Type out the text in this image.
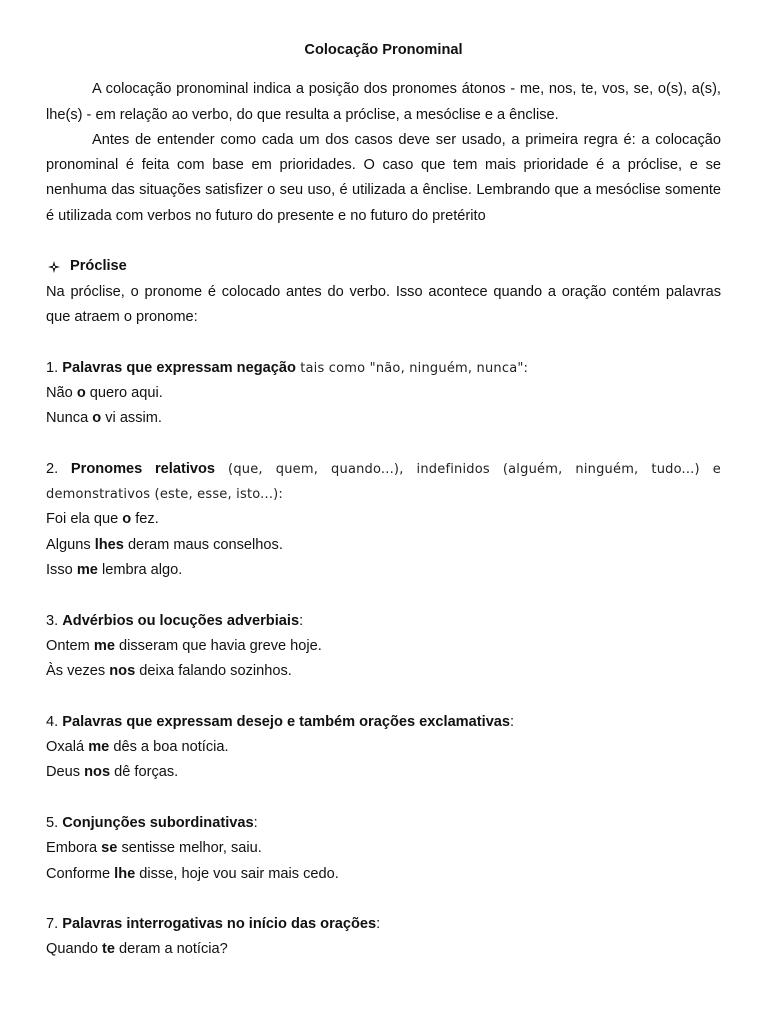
Colocação Pronominal

A colocação pronominal indica a posição dos pronomes átonos - me, nos, te, vos, se, o(s), a(s), lhe(s) - em relação ao verbo, do que resulta a próclise, a mesóclise e a ênclise.

Antes de entender como cada um dos casos deve ser usado, a primeira regra é: a colocação pronominal é feita com base em prioridades. O caso que tem mais prioridade é a próclise, e se nenhuma das situações satisfizer o seu uso, é utilizada a ênclise. Lembrando que a mesóclise somente é utilizada com verbos no futuro do presente e no futuro do pretérito

Próclise

Na próclise, o pronome é colocado antes do verbo. Isso acontece quando a oração contém palavras que atraem o pronome:

1. Palavras que expressam negação tais como "não, ninguém, nunca":

Não o quero aqui.

Nunca o vi assim.

2. Pronomes relativos (que, quem, quando...), indefinidos (alguém, ninguém, tudo...) e demonstrativos (este, esse, isto...):

Foi ela que o fez.

Alguns lhes deram maus conselhos.

Isso me lembra algo.

3. Advérbios ou locuções adverbiais:

Ontem me disseram que havia greve hoje.

Às vezes nos deixa falando sozinhos.

4. Palavras que expressam desejo e também orações exclamativas:

Oxalá me dês a boa notícia.

Deus nos dê forças.

5. Conjunções subordinativas:

Embora se sentisse melhor, saiu.

Conforme lhe disse, hoje vou sair mais cedo.

7. Palavras interrogativas no início das orações:

Quando te deram a notícia?
